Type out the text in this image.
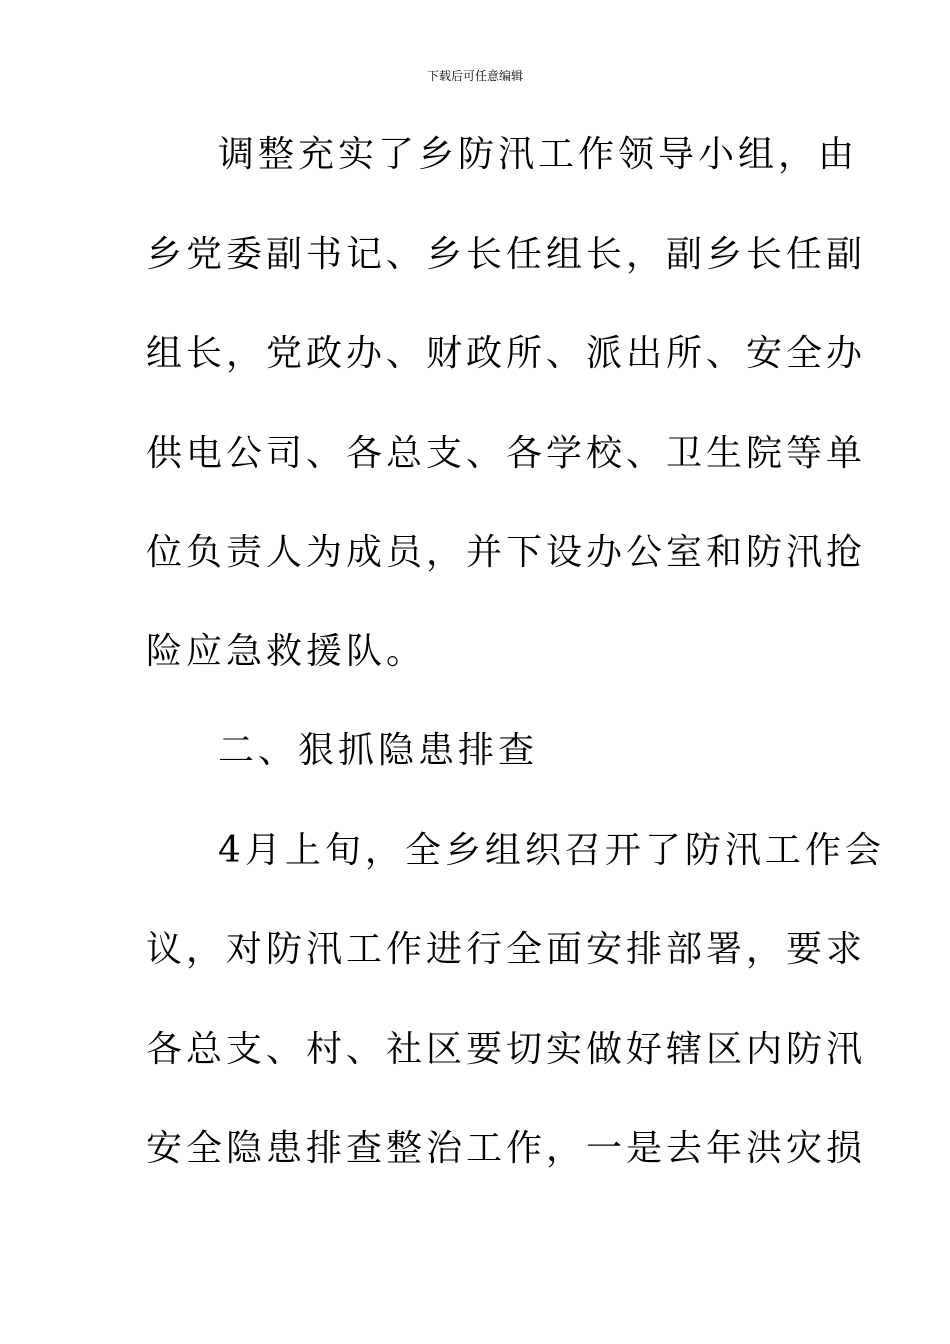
下载后可任意编辑
调整充实了乡防汛工作领导小组，由
乡党委副书记、乡长任组长，副乡长任副
组长，党政办、财政所、派出所、安全办
供电公司、各总支、各学校、卫生院等单
位负责人为成员，并下设办公室和防汛抢
险应急救援队。
二、狠抓隐患排查
4月上旬，全乡组织召开了防汛工作会
议，对防汛工作进行全面安排部署，要求
各总支、村、社区要切实做好辖区内防汛
安全隐患排查整治工作，一是去年洪灾损
